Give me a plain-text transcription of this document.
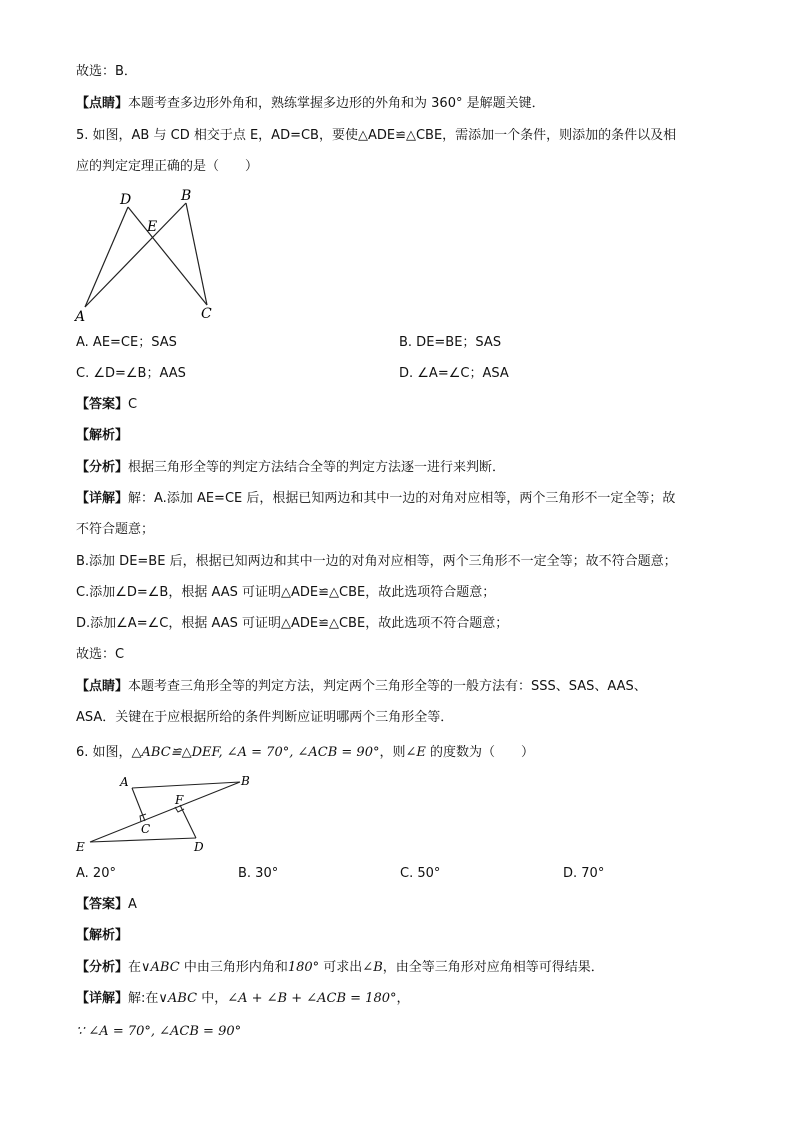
故选：B．
【点睛】本题考查多边形外角和，熟练掌握多边形的外角和为 360° 是解题关键．
5. 如图，AB 与 CD 相交于点 E，AD=CB，要使△ADE≌△CBE，需添加一个条件，则添加的条件以及相
应的判定定理正确的是（　　）
D	B
E
A	C
A. AE=CE；SAS	B. DE=BE；SAS
C. ∠D=∠B；AAS	D. ∠A=∠C；ASA
【答案】C
【解析】
【分析】根据三角形全等的判定方法结合全等的判定方法逐一进行来判断．
【详解】解：A.添加 AE=CE 后，根据已知两边和其中一边的对角对应相等，两个三角形不一定全等；故
不符合题意；
B.添加 DE=BE 后，根据已知两边和其中一边的对角对应相等，两个三角形不一定全等；故不符合题意；
C.添加∠D=∠B，根据 AAS 可证明△ADE≌△CBE，故此选项符合题意；
D.添加∠A=∠C，根据 AAS 可证明△ADE≌△CBE，故此选项不符合题意；
故选：C
【点睛】本题考查三角形全等的判定方法，判定两个三角形全等的一般方法有：SSS、SAS、AAS、
ASA．关键在于应根据所给的条件判断应证明哪两个三角形全等．
6. 如图，△ABC≌△DEF, ∠A = 70°, ∠ACB = 90°，则∠E 的度数为（　　）
A	B
F
C
E	D
A. 20°	B. 30°	C. 50°	D. 70°
【答案】A
【解析】
【分析】在∨ABC 中由三角形内角和180° 可求出∠B，由全等三角形对应角相等可得结果．
【详解】解:在∨ABC 中，∠A + ∠B + ∠ACB = 180°，
∵ ∠A = 70°, ∠ACB = 90°
